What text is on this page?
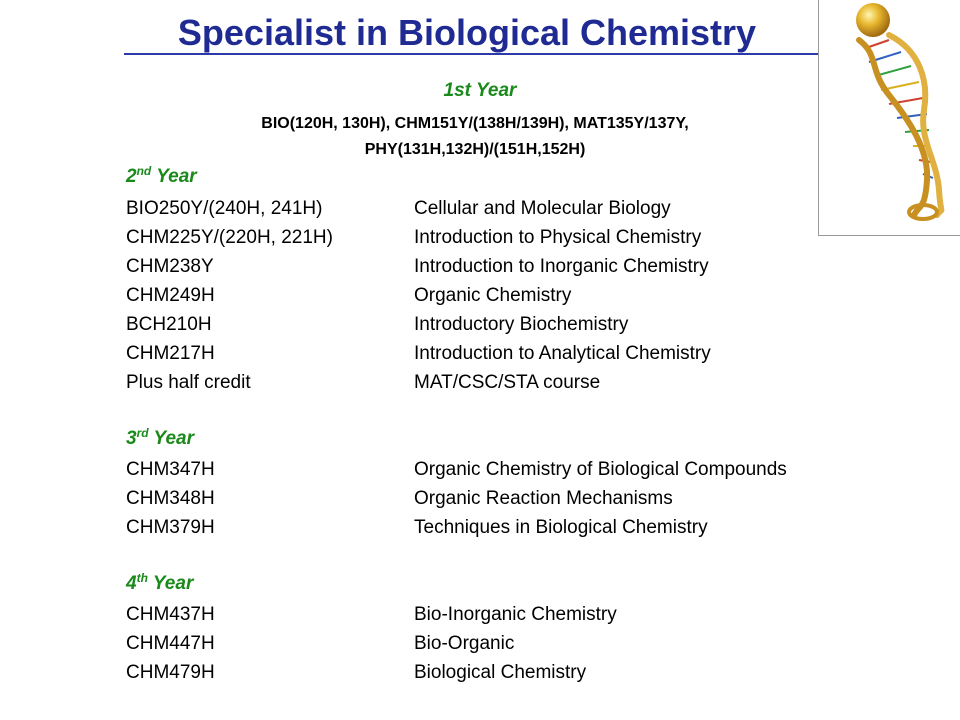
Specialist in Biological Chemistry
1st Year
BIO(120H, 130H), CHM151Y/(138H/139H), MAT135Y/137Y,
PHY(131H,132H)/(151H,152H)
2nd Year
BIO250Y/(240H, 241H)	Cellular and Molecular Biology
CHM225Y/(220H, 221H)	Introduction to Physical Chemistry
CHM238Y	Introduction to Inorganic Chemistry
CHM249H	Organic Chemistry
BCH210H	Introductory Biochemistry
CHM217H	Introduction to Analytical Chemistry
Plus half credit	MAT/CSC/STA course
3rd Year
CHM347H	Organic Chemistry of Biological Compounds
CHM348H	Organic Reaction Mechanisms
CHM379H	Techniques in Biological Chemistry
4th Year
CHM437H	Bio-Inorganic Chemistry
CHM447H	Bio-Organic
CHM479H	Biological Chemistry
